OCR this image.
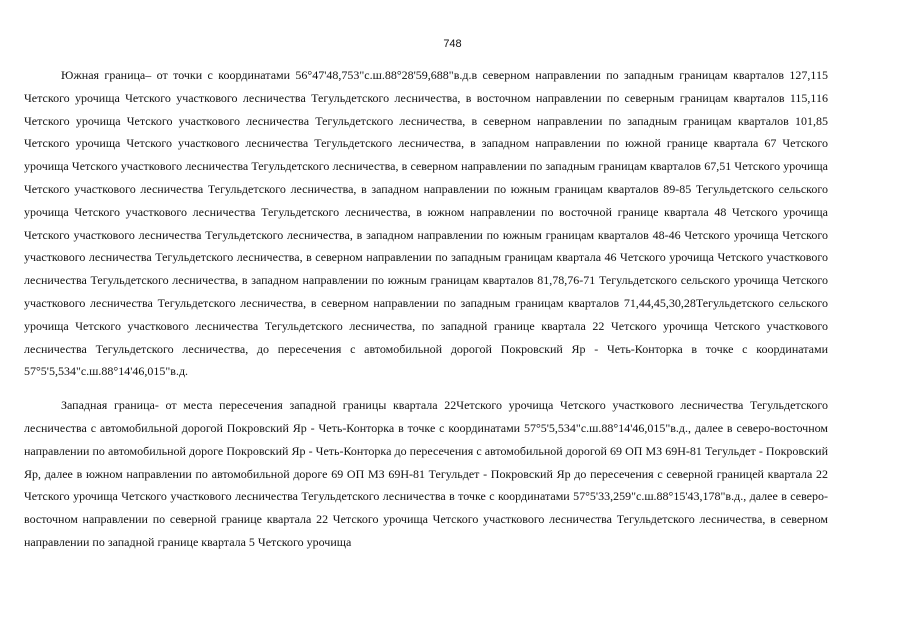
748

Южная граница– от точки с координатами 56°47'48,753"с.ш.88°28'59,688"в.д.в северном направлении по западным границам кварталов 127,115 Четского урочища Четского участкового лесничества Тегульдетского лесничества, в восточном направлении по северным границам кварталов 115,116 Четского урочища Четского участкового лесничества Тегульдетского лесничества, в северном направлении по западным границам кварталов 101,85 Четского урочища Четского участкового лесничества Тегульдетского лесничества, в западном направлении по южной границе квартала 67 Четского урочища Четского участкового лесничества Тегульдетского лесничества, в северном направлении по западным границам кварталов 67,51 Четского урочища Четского участкового лесничества Тегульдетского лесничества, в западном направлении по южным границам кварталов 89-85 Тегульдетского сельского урочища Четского участкового лесничества Тегульдетского лесничества, в южном направлении по восточной границе квартала 48 Четского урочища Четского участкового лесничества Тегульдетского лесничества, в западном направлении по южным границам кварталов 48-46 Четского урочища Четского участкового лесничества Тегульдетского лесничества, в северном направлении по западным границам квартала 46 Четского урочища Четского участкового лесничества Тегульдетского лесничества, в западном направлении по южным границам кварталов 81,78,76-71 Тегульдетского сельского урочища Четского участкового лесничества Тегульдетского лесничества, в северном направлении по западным границам кварталов 71,44,45,30,28Тегульдетского сельского урочища Четского участкового лесничества Тегульдетского лесничества, по западной границе квартала 22 Четского урочища Четского участкового лесничества Тегульдетского лесничества, до пересечения с автомобильной дорогой Покровский Яр - Четь-Конторка в точке с координатами 57°5'5,534"с.ш.88°14'46,015"в.д.

Западная граница- от места пересечения западной границы квартала 22Четского урочища Четского участкового лесничества Тегульдетского лесничества с автомобильной дорогой Покровский Яр - Четь-Конторка в точке с координатами 57°5'5,534"с.ш.88°14'46,015"в.д., далее в северо-восточном направлении по автомобильной дороге Покровский Яр - Четь-Конторка до пересечения с автомобильной дорогой 69 ОП МЗ 69Н-81 Тегульдет - Покровский Яр, далее в южном направлении по автомобильной дороге 69 ОП МЗ 69Н-81 Тегульдет - Покровский Яр до пересечения с северной границей квартала 22 Четского урочища Четского участкового лесничества Тегульдетского лесничества в точке с координатами 57°5'33,259"с.ш.88°15'43,178"в.д., далее в северо-восточном направлении по северной границе квартала 22 Четского урочища Четского участкового лесничества Тегульдетского лесничества, в северном направлении по западной границе квартала 5 Четского урочища
